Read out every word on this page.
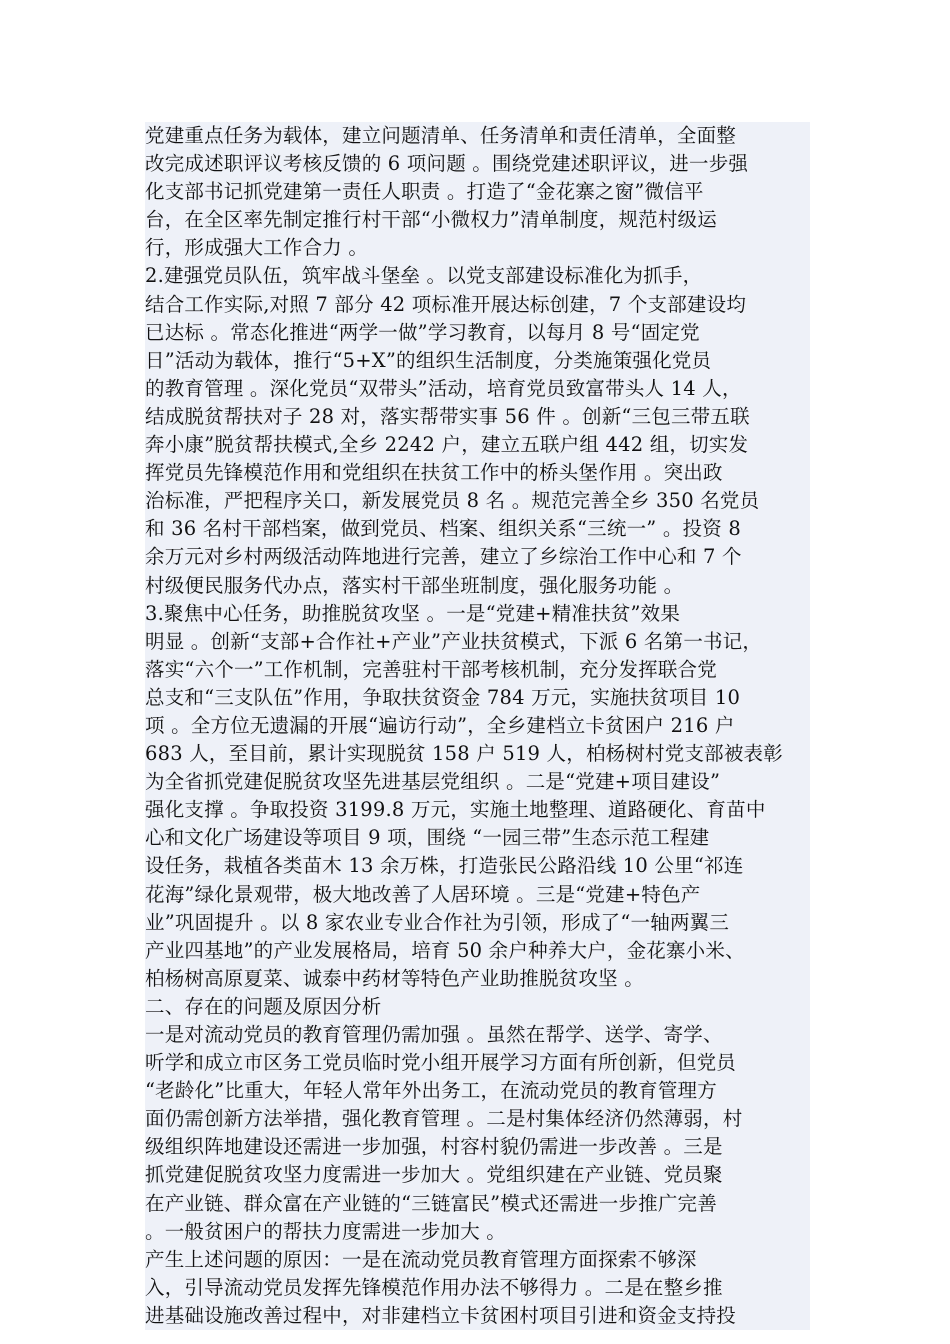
党建重点任务为载体，建立问题清单、任务清单和责任清单，全面整
改完成述职评议考核反馈的 6 项问题 。围绕党建述职评议，进一步强
化支部书记抓党建第一责任人职责 。打造了“金花寨之窗”微信平
台，在全区率先制定推行村干部“小微权力”清单制度，规范村级运
行，形成强大工作合力 。
2.建强党员队伍，筑牢战斗堡垒 。以党支部建设标准化为抓手，
结合工作实际,对照 7 部分 42 项标准开展达标创建，7 个支部建设均
已达标 。常态化推进“两学一做”学习教育，以每月 8 号“固定党
日”活动为载体，推行“5+X”的组织生活制度，分类施策强化党员
的教育管理 。深化党员“双带头”活动，培育党员致富带头人 14 人，
结成脱贫帮扶对子 28 对，落实帮带实事 56 件 。创新“三包三带五联
奔小康”脱贫帮扶模式,全乡 2242 户，建立五联户组 442 组，切实发
挥党员先锋模范作用和党组织在扶贫工作中的桥头堡作用 。突出政
治标准，严把程序关口，新发展党员 8 名 。规范完善全乡 350 名党员
和 36 名村干部档案，做到党员、档案、组织关系“三统一” 。投资 8
余万元对乡村两级活动阵地进行完善，建立了乡综治工作中心和 7 个
村级便民服务代办点，落实村干部坐班制度，强化服务功能 。
3.聚焦中心任务，助推脱贫攻坚 。一是“党建+精准扶贫”效果
明显 。创新“支部+合作社+产业”产业扶贫模式，下派 6 名第一书记，
落实“六个一”工作机制，完善驻村干部考核机制，充分发挥联合党
总支和“三支队伍”作用，争取扶贫资金 784 万元，实施扶贫项目 10
项 。全方位无遗漏的开展“遍访行动”，全乡建档立卡贫困户 216 户
683 人，至目前，累计实现脱贫 158 户 519 人，柏杨树村党支部被表彰
为全省抓党建促脱贫攻坚先进基层党组织 。二是“党建+项目建设”
强化支撑 。争取投资 3199.8 万元，实施土地整理、道路硬化、育苗中
心和文化广场建设等项目 9 项，围绕 “一园三带”生态示范工程建
设任务，栽植各类苗木 13 余万株，打造张民公路沿线 10 公里“祁连
花海”绿化景观带，极大地改善了人居环境 。三是“党建+特色产
业”巩固提升 。以 8 家农业专业合作社为引领，形成了“一轴两翼三
产业四基地”的产业发展格局，培育 50 余户种养大户，金花寨小米、
柏杨树高原夏菜、诚泰中药材等特色产业助推脱贫攻坚 。
二、存在的问题及原因分析
一是对流动党员的教育管理仍需加强 。虽然在帮学、送学、寄学、
听学和成立市区务工党员临时党小组开展学习方面有所创新，但党员
“老龄化”比重大，年轻人常年外出务工，在流动党员的教育管理方
面仍需创新方法举措，强化教育管理 。二是村集体经济仍然薄弱，村
级组织阵地建设还需进一步加强，村容村貌仍需进一步改善 。三是
抓党建促脱贫攻坚力度需进一步加大 。党组织建在产业链、党员聚
在产业链、群众富在产业链的“三链富民”模式还需进一步推广完善
。一般贫困户的帮扶力度需进一步加大 。
产生上述问题的原因：一是在流动党员教育管理方面探索不够深
入，引导流动党员发挥先锋模范作用办法不够得力 。二是在整乡推
进基础设施改善过程中，对非建档立卡贫困村项目引进和资金支持投
